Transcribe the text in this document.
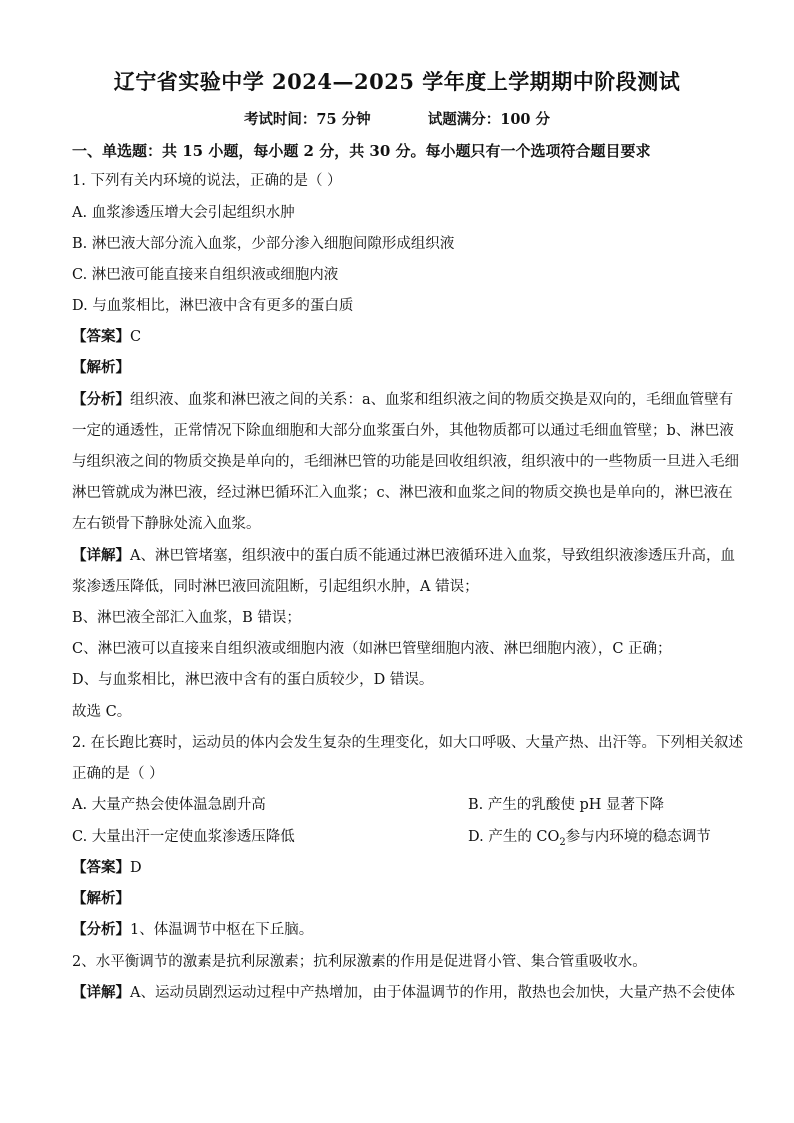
辽宁省实验中学 2024—2025 学年度上学期期中阶段测试
考试时间：75 分钟	试题满分：100 分
一、单选题：共 15 小题，每小题 2 分，共 30 分。每小题只有一个选项符合题目要求
1. 下列有关内环境的说法，正确的是（ ）
A. 血浆渗透压增大会引起组织水肿
B. 淋巴液大部分流入血浆，少部分渗入细胞间隙形成组织液
C. 淋巴液可能直接来自组织液或细胞内液
D. 与血浆相比，淋巴液中含有更多的蛋白质
【答案】C
【解析】
【分析】组织液、血浆和淋巴液之间的关系：a、血浆和组织液之间的物质交换是双向的，毛细血管壁有
一定的通透性，正常情况下除血细胞和大部分血浆蛋白外，其他物质都可以通过毛细血管壁；b、淋巴液
与组织液之间的物质交换是单向的，毛细淋巴管的功能是回收组织液，组织液中的一些物质一旦进入毛细
淋巴管就成为淋巴液，经过淋巴循环汇入血浆；c、淋巴液和血浆之间的物质交换也是单向的，淋巴液在
左右锁骨下静脉处流入血浆。
【详解】A、淋巴管堵塞，组织液中的蛋白质不能通过淋巴液循环进入血浆，导致组织液渗透压升高，血
浆渗透压降低，同时淋巴液回流阻断，引起组织水肿，A 错误；
B、淋巴液全部汇入血浆，B 错误；
C、淋巴液可以直接来自组织液或细胞内液（如淋巴管壁细胞内液、淋巴细胞内液），C 正确；
D、与血浆相比，淋巴液中含有的蛋白质较少，D 错误。
故选 C。
2. 在长跑比赛时，运动员的体内会发生复杂的生理变化，如大口呼吸、大量产热、出汗等。下列相关叙述
正确的是（ ）
A. 大量产热会使体温急剧升高	B. 产生的乳酸使 pH 显著下降
C. 大量出汗一定使血浆渗透压降低	D. 产生的 $CO_2$参与内环境的稳态调节
【答案】D
【解析】
【分析】1、体温调节中枢在下丘脑。
2、水平衡调节的激素是抗利尿激素；抗利尿激素的作用是促进肾小管、集合管重吸收水。
【详解】A、运动员剧烈运动过程中产热增加，由于体温调节的作用，散热也会加快，大量产热不会使体
